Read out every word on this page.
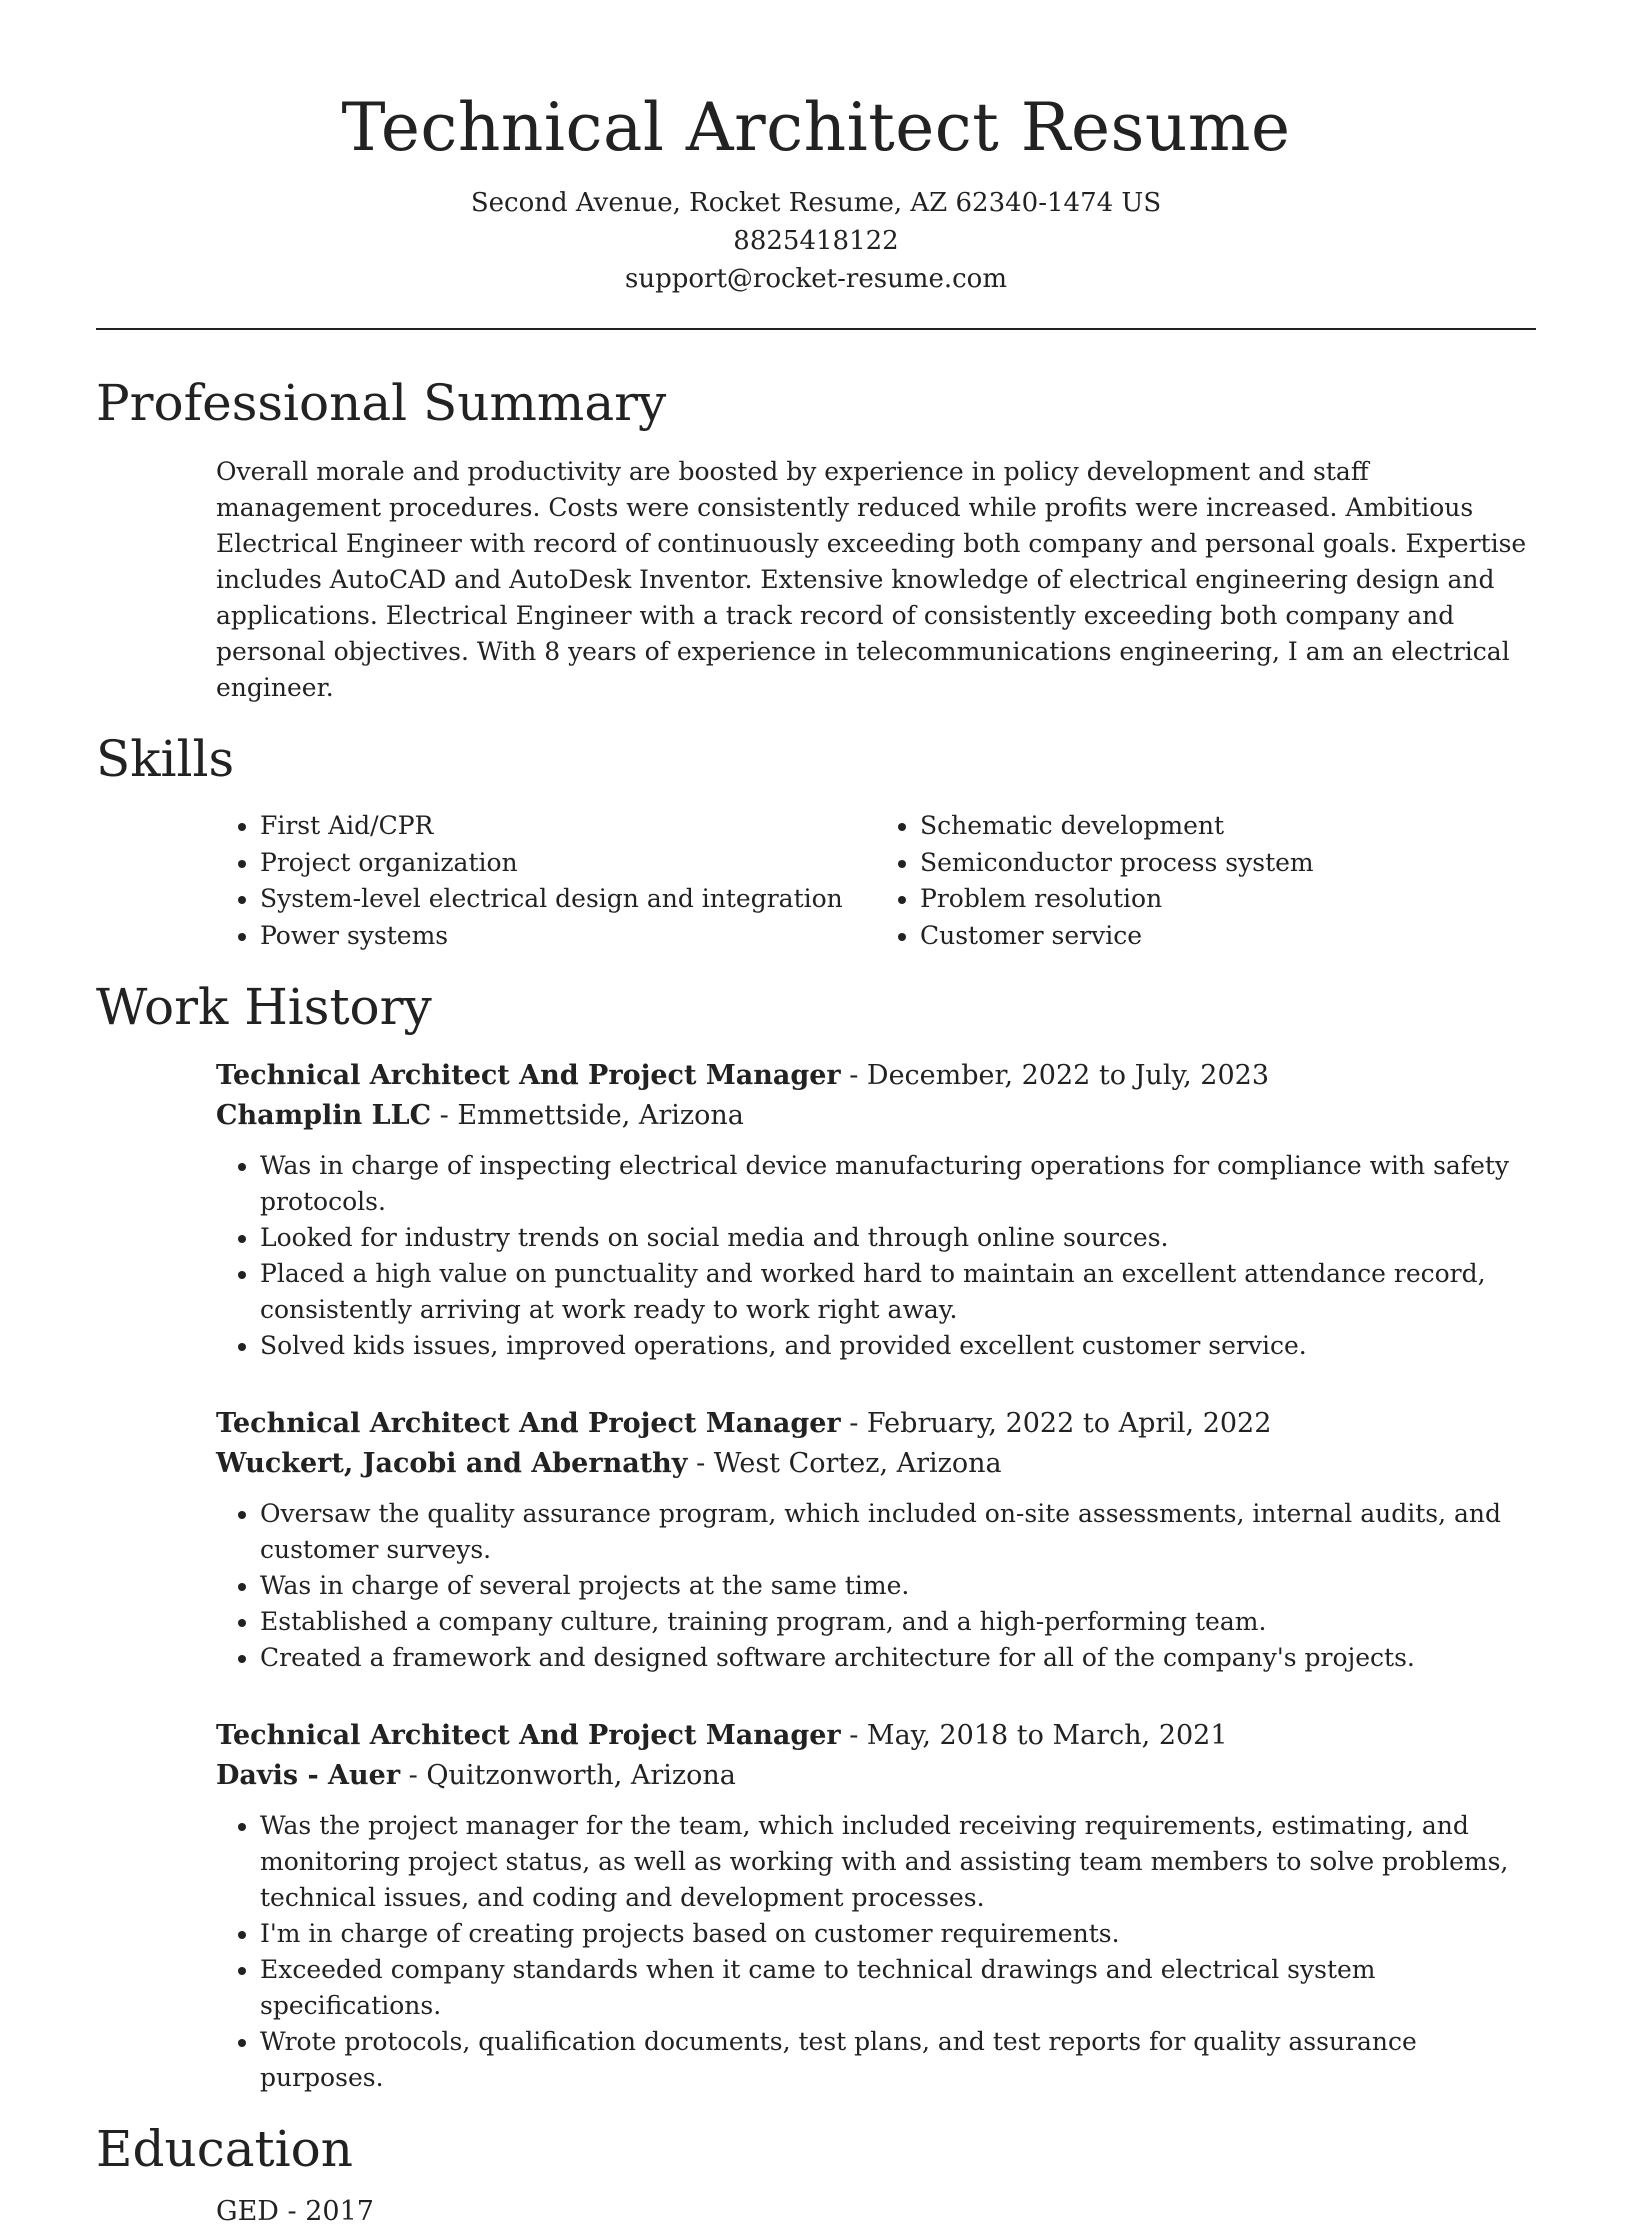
Technical Architect Resume
Second Avenue, Rocket Resume, AZ 62340-1474 US
8825418122
support@rocket-resume.com
Professional Summary
Overall morale and productivity are boosted by experience in policy development and staff management procedures. Costs were consistently reduced while profits were increased. Ambitious Electrical Engineer with record of continuously exceeding both company and personal goals. Expertise includes AutoCAD and AutoDesk Inventor. Extensive knowledge of electrical engineering design and applications. Electrical Engineer with a track record of consistently exceeding both company and personal objectives. With 8 years of experience in telecommunications engineering, I am an electrical engineer.
Skills
• First Aid/CPR
• Project organization
• System-level electrical design and integration
• Power systems
• Schematic development
• Semiconductor process system
• Problem resolution
• Customer service
Work History
Technical Architect And Project Manager - December, 2022 to July, 2023
Champlin LLC - Emmettside, Arizona
• Was in charge of inspecting electrical device manufacturing operations for compliance with safety protocols.
• Looked for industry trends on social media and through online sources.
• Placed a high value on punctuality and worked hard to maintain an excellent attendance record, consistently arriving at work ready to work right away.
• Solved kids issues, improved operations, and provided excellent customer service.
Technical Architect And Project Manager - February, 2022 to April, 2022
Wuckert, Jacobi and Abernathy - West Cortez, Arizona
• Oversaw the quality assurance program, which included on-site assessments, internal audits, and customer surveys.
• Was in charge of several projects at the same time.
• Established a company culture, training program, and a high-performing team.
• Created a framework and designed software architecture for all of the company's projects.
Technical Architect And Project Manager - May, 2018 to March, 2021
Davis - Auer - Quitzonworth, Arizona
• Was the project manager for the team, which included receiving requirements, estimating, and monitoring project status, as well as working with and assisting team members to solve problems, technical issues, and coding and development processes.
• I'm in charge of creating projects based on customer requirements.
• Exceeded company standards when it came to technical drawings and electrical system specifications.
• Wrote protocols, qualification documents, test plans, and test reports for quality assurance purposes.
Education
GED - 2017
